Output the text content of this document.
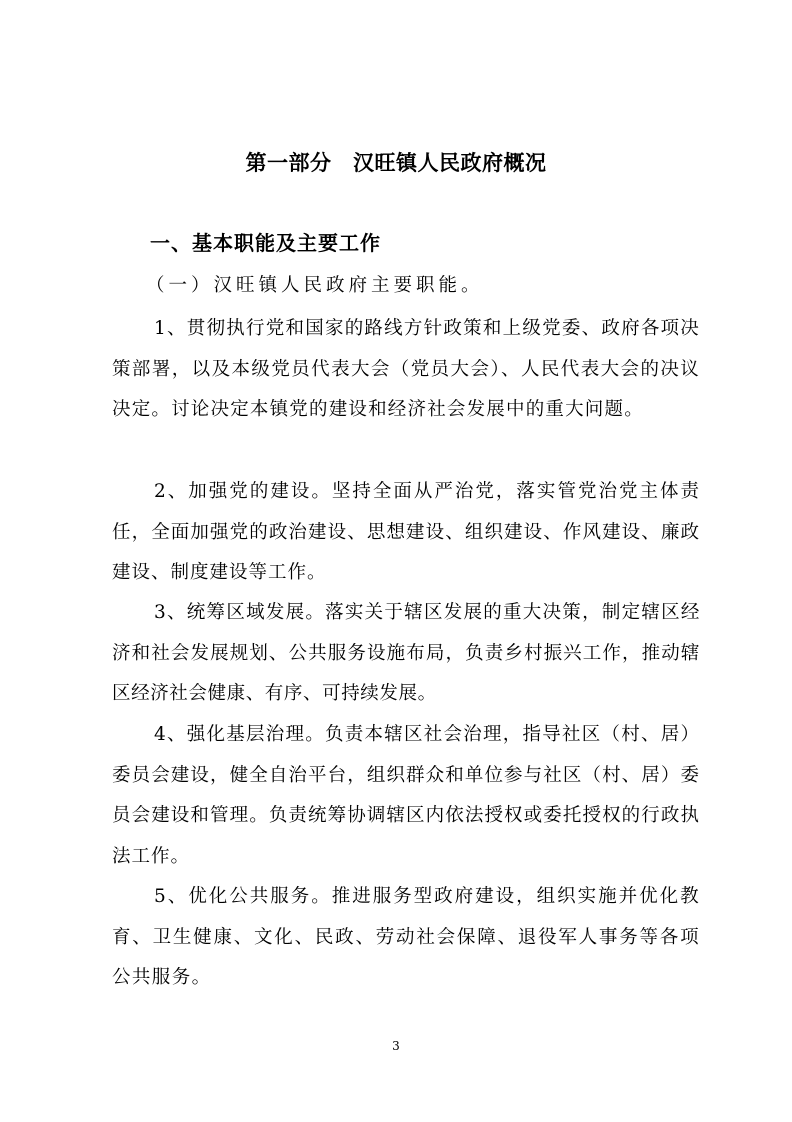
第一部分　汉旺镇人民政府概况
一、基本职能及主要工作
（一）汉旺镇人民政府主要职能。

1、贯彻执行党和国家的路线方针政策和上级党委、政府各项决策部署，以及本级党员代表大会（党员大会）、人民代表大会的决议决定。讨论决定本镇党的建设和经济社会发展中的重大问题。

2、加强党的建设。坚持全面从严治党，落实管党治党主体责任，全面加强党的政治建设、思想建设、组织建设、作风建设、廉政建设、制度建设等工作。

3、统筹区域发展。落实关于辖区发展的重大决策，制定辖区经济和社会发展规划、公共服务设施布局，负责乡村振兴工作，推动辖区经济社会健康、有序、可持续发展。

4、强化基层治理。负责本辖区社会治理，指导社区（村、居）委员会建设，健全自治平台，组织群众和单位参与社区（村、居）委员会建设和管理。负责统筹协调辖区内依法授权或委托授权的行政执法工作。

5、优化公共服务。推进服务型政府建设，组织实施并优化教育、卫生健康、文化、民政、劳动社会保障、退役军人事务等各项公共服务。

3
